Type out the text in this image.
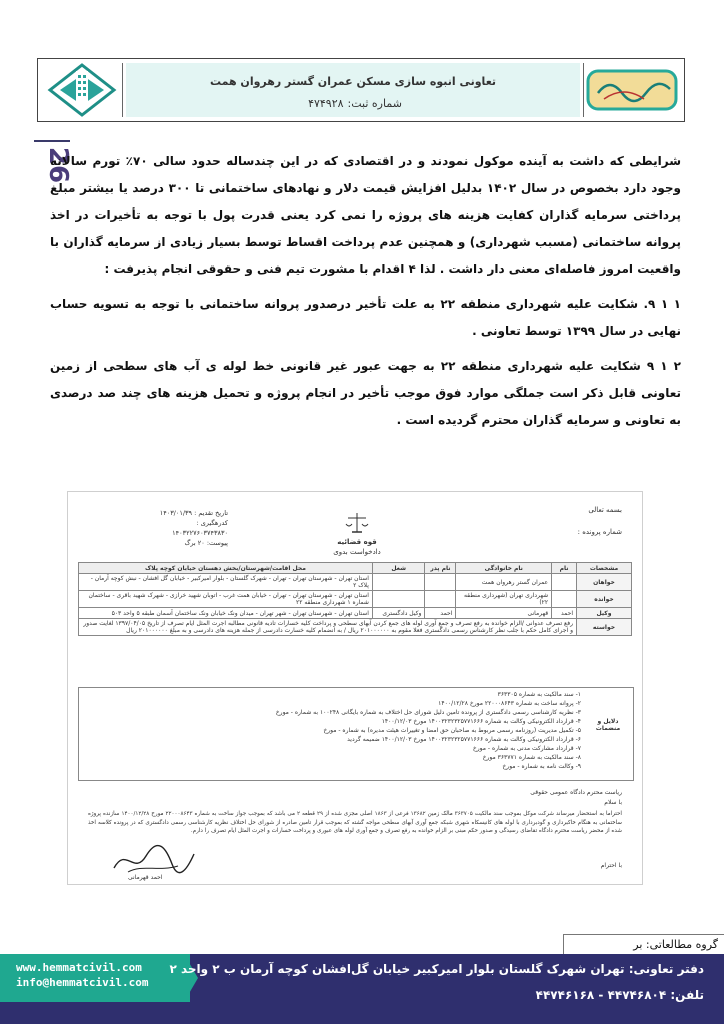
26
تعاونی انبوه سازی مسکن عمران گستر رهروان همت
شماره ثبت:۴۷۴۹۲۸

شرایطی که داشت به آینده موکول نمودند و در اقتصادی که در این چندساله حدود سالی ۷۰٪ تورم سالانه وجود دارد بخصوص در سال ۱۴۰۲ بدلیل افزایش قیمت دلار و نهادهای ساختمانی تا ۳۰۰ درصد یا بیشتر مبلغ پرداختی سرمایه گذاران کفایت هزینه های پروژه را نمی کرد یعنی قدرت پول با توجه به تأخیرات در اخذ پروانه ساختمانی (مسبب شهرداری) و همچنین عدم پرداخت اقساط توسط بسیار زیادی از سرمایه گذاران با واقعیت امروز فاصله‌ای معنی دار داشت . لذا ۴ اقدام با مشورت تیم فنی و حقوقی انجام پذیرفت :

۱ ۱ ۹. شکایت علیه شهرداری منطقه ۲۲ به علت تأخیر درصدور پروانه ساختمانی با توجه به تسویه حساب نهایی در سال ۱۳۹۹ توسط تعاونی .

۲ ۱ ۹ شکایت علیه شهرداری منطقه ۲۲ به جهت عبور غیر قانونی خط لوله ی آب های سطحی از زمین تعاونی قابل ذکر است جملگی موارد فوق موجب تأخیر در انجام پروژه و تحمیل هزینه های چند صد درصدی به تعاونی و سرمایه گذاران محترم گردیده است .

بسمه تعالی
شماره پرونده :
قوه قضائیه
دادخواست بدوی
تاریخ تقدیم : ۱۴۰۳/۰۱/۳۹
کدرهگیری :
۱۴۰۳۲۲۷۶۰۳۷۴۳۸۳۰
پیوست: ۲۰ برگ
مشخصات	نام	نام خانوادگی	نام پدر	شغل	محل اقامت/شهرستان/بخش دهستان خیابان کوچه پلاک
خواهان		عمران گستر رهروان همت			استان تهران - شهرستان تهران - تهران - شهرک گلستان - بلوار امیرکبیر - خیابان گل افشان - نبش کوچه آرمان - پلاک ۲
خوانده		شهرداری تهران (شهرداری منطقه ۲۲)			استان تهران - شهرستان تهران - تهران - خیابان همت غرب - اتوبان شهید خرازی - شهرک شهید باقری - ساختمان شماره ۱ شهرداری منطقه ۲۲
وکیل	احمد	قهرمانی	احمد	وکیل دادگستری	استان تهران - شهرستان تهران - شهر تهران - میدان ونک خیابان ونک ساختمان آسمان طبقه ۵ واحد ۵۰۳
خواسته	رفع تصرف عدوانی /الزام خوانده به رفع تصرف و جمع آوری لوله های جمع کردن آبهای سطحی و پرداخت کلیه خسارات تادیه قانونی مطالبه اجرت المثل ایام تصرف از تاریخ ۱۳۹۷/۰۴/۰۵ لغایت صدور و اجرای کامل حکم با جلب نظر کارشناس رسمی دادگستری فعلا مقوم به ۲۰۱۰۰۰۰۰۰ ریال / به انضمام کلیه خسارت دادرسی از جمله هزینه های دادرسی و به مبلغ ۲۰۱۰۰۰۰۰۰ ریال				
دلایل و منضمات
۱- سند مالکیت به شماره ۳۶۳۳۰۵
۲- پروانه ساخت به شماره ۲۲۰۰۰۸۶۴۳ مورخ ۱۴۰۰/۱۲/۲۸
۳- نظریه کارشناسی رسمی دادگستری از پرونده تامین دلیل شورای حل اختلاف به شماره بایگانی ۱۰۰۲۴۸ به شماره - مورخ
۴- قرارداد الکترونیکی وکالت به شماره ۱۴۰۰۳۲۳۲۳۲۵۷۷۱۶۶۶ مورخ ۱۴۰۰/۱۲/۰۳
۵- تکمیل مدیریت (روزنامه رسمی مربوط به صاحبان حق امضا و تغییرات هیئت مدیره) به شماره - مورخ
۶- قرارداد الکترونیکی وکالت به شماره ۱۴۰۰۳۲۳۲۳۲۵۷۷۱۶۶۶ مورخ ۱۴۰۰/۱۲/۰۳ ضمیمه گردید
۷- قرارداد مشارکت مدنی به شماره - مورخ
۸- سند مالکیت به شماره ۳۶۳۷۷۱ مورخ
۹- وکالت نامه به شماره - مورخ
ریاست محترم دادگاه عمومی حقوقی
با سلام
احتراما به استحضار میرساند شرکت موکل بموجب سند مالکیت ۳۶۳۷۰۵ مالک زمین ۱۳۶۸۲ فرعی از ۱۸۶۳ اصلی مجزی شده از ۲۹ قطعه ۲ می باشد که بموجب جواز ساخت به شماره ۲۲۰۰۰۸۶۴۳ مورخ ۱۴۰۰/۱۲/۲۸ سازنده پروژه ساختمانی به هنگام خاکبرداری و گودبرداری با لوله های کانیسکاه شهری شبکه جمع آوری آبهای سطحی مواجه گشته که بموجب قرار تامین صادره از شورای حل اختلاف نظریه کارشناسی رسمی دادگستری که در پرونده کلاسه اخذ شده از محضر ریاست محترم دادگاه تقاضای رسیدگی و صدور حکم مبنی بر الزام خوانده به رفع تصرف و جمع آوری لوله های عبوری و پرداخت خسارات و اجرت المثل ایام تصرف را دارم.
با احترام
احمد قهرمانی
گروه مطالعاتی: بر
www.hemmatcivil.com
info@hemmatcivil.com
دفتر تعاونی: تهران شهرک گلستان بلوار امیرکبیر خیابان گل‌افشان کوچه آرمان ب ۲ واحد ۲
تلفن: ۴۴۷۴۶۸۰۴ - ۴۴۷۴۶۱۶۸
